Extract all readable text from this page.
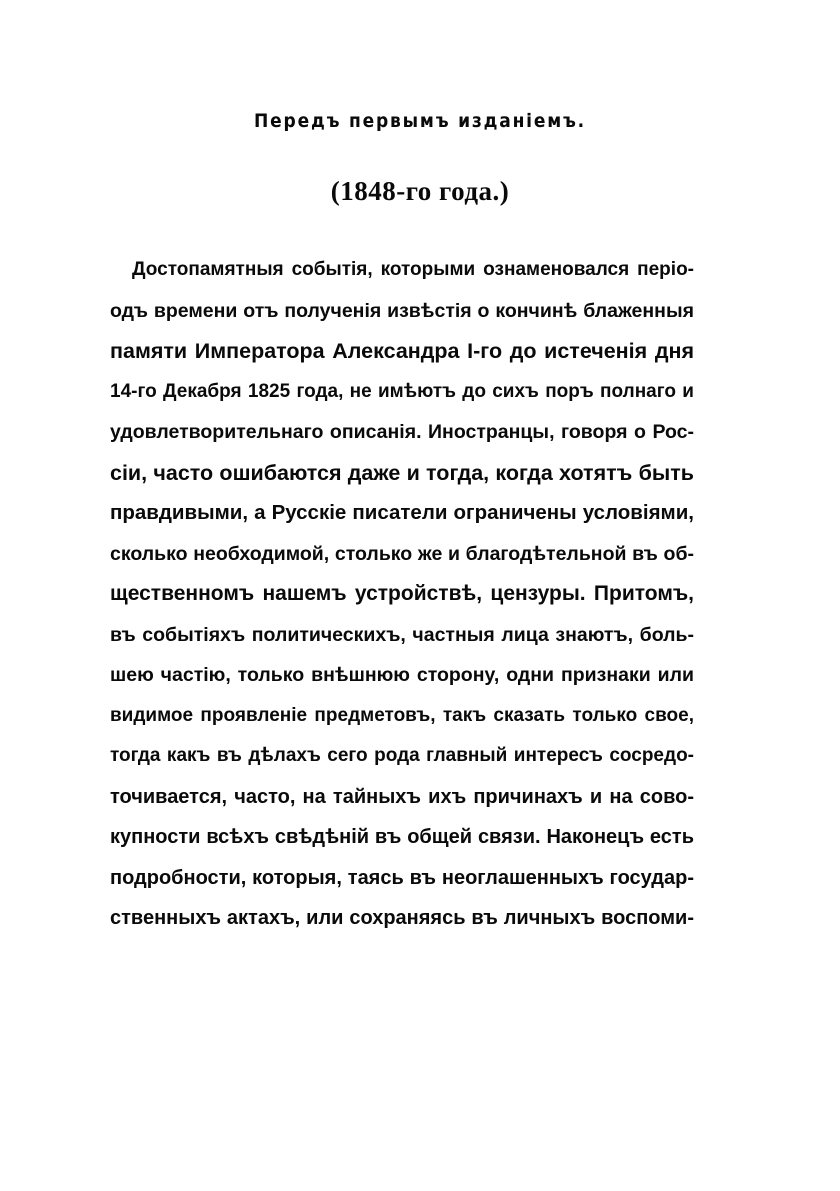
Передъ первымъ изданіемъ.
(1848-го года.)
Достопамятныя событія, которыми ознаменовался періо-
одъ времени отъ полученія извѣстія о кончинѣ блаженныя
памяти Императора Александра I-го до истеченія дня
14-го Декабря 1825 года, не имѣютъ до сихъ поръ полнаго и
удовлетворительнаго описанія. Иностранцы, говоря о Рос-
сіи, часто ошибаются даже и тогда, когда хотятъ быть
правдивыми, а Русскіе писатели ограничены условіями,
сколько необходимой, столько же и благодѣтельной въ об-
щественномъ нашемъ устройствѣ, цензуры. Притомъ,
въ событіяхъ политическихъ, частныя лица знаютъ, боль-
шею частію, только внѣшнюю сторону, одни признаки или
видимое проявленіе предметовъ, такъ сказать только свое,
тогда какъ въ дѣлахъ сего рода главный интересъ сосредо-
точивается, часто, на тайныхъ ихъ причинахъ и на сово-
купности всѣхъ свѣдѣній въ общей связи. Наконецъ есть
подробности, которыя, таясь въ неоглашенныхъ государ-
ственныхъ актахъ, или сохраняясь въ личныхъ воспоми-
